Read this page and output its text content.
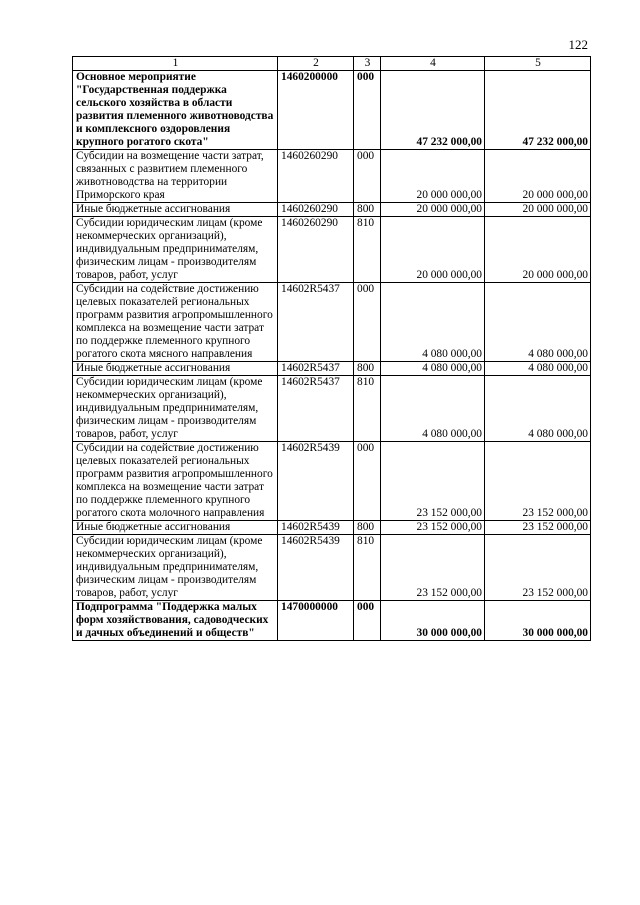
122
1	2	3	4	5
Основное мероприятие "Государственная поддержка сельского хозяйства в области развития племенного животноводства и комплексного оздоровления крупного рогатого скота"	1460200000	000	47 232 000,00	47 232 000,00
Субсидии на возмещение части затрат, связанных с развитием племенного животноводства на территории Приморского края	1460260290	000	20 000 000,00	20 000 000,00
Иные бюджетные ассигнования	1460260290	800	20 000 000,00	20 000 000,00
Субсидии юридическим лицам (кроме некоммерческих организаций), индивидуальным предпринимателям, физическим лицам - производителям товаров, работ, услуг	1460260290	810	20 000 000,00	20 000 000,00
Субсидии на содействие достижению целевых показателей региональных программ развития агропромышленного комплекса на возмещение части затрат по поддержке племенного крупного рогатого скота мясного направления	14602R5437	000	4 080 000,00	4 080 000,00
Иные бюджетные ассигнования	14602R5437	800	4 080 000,00	4 080 000,00
Субсидии юридическим лицам (кроме некоммерческих организаций), индивидуальным предпринимателям, физическим лицам - производителям товаров, работ, услуг	14602R5437	810	4 080 000,00	4 080 000,00
Субсидии на содействие достижению целевых показателей региональных программ развития агропромышленного комплекса на возмещение части затрат по поддержке племенного крупного рогатого скота молочного направления	14602R5439	000	23 152 000,00	23 152 000,00
Иные бюджетные ассигнования	14602R5439	800	23 152 000,00	23 152 000,00
Субсидии юридическим лицам (кроме некоммерческих организаций), индивидуальным предпринимателям, физическим лицам - производителям товаров, работ, услуг	14602R5439	810	23 152 000,00	23 152 000,00
Подпрограмма "Поддержка малых форм хозяйствования, садоводческих и дачных объединений и обществ"	1470000000	000	30 000 000,00	30 000 000,00
